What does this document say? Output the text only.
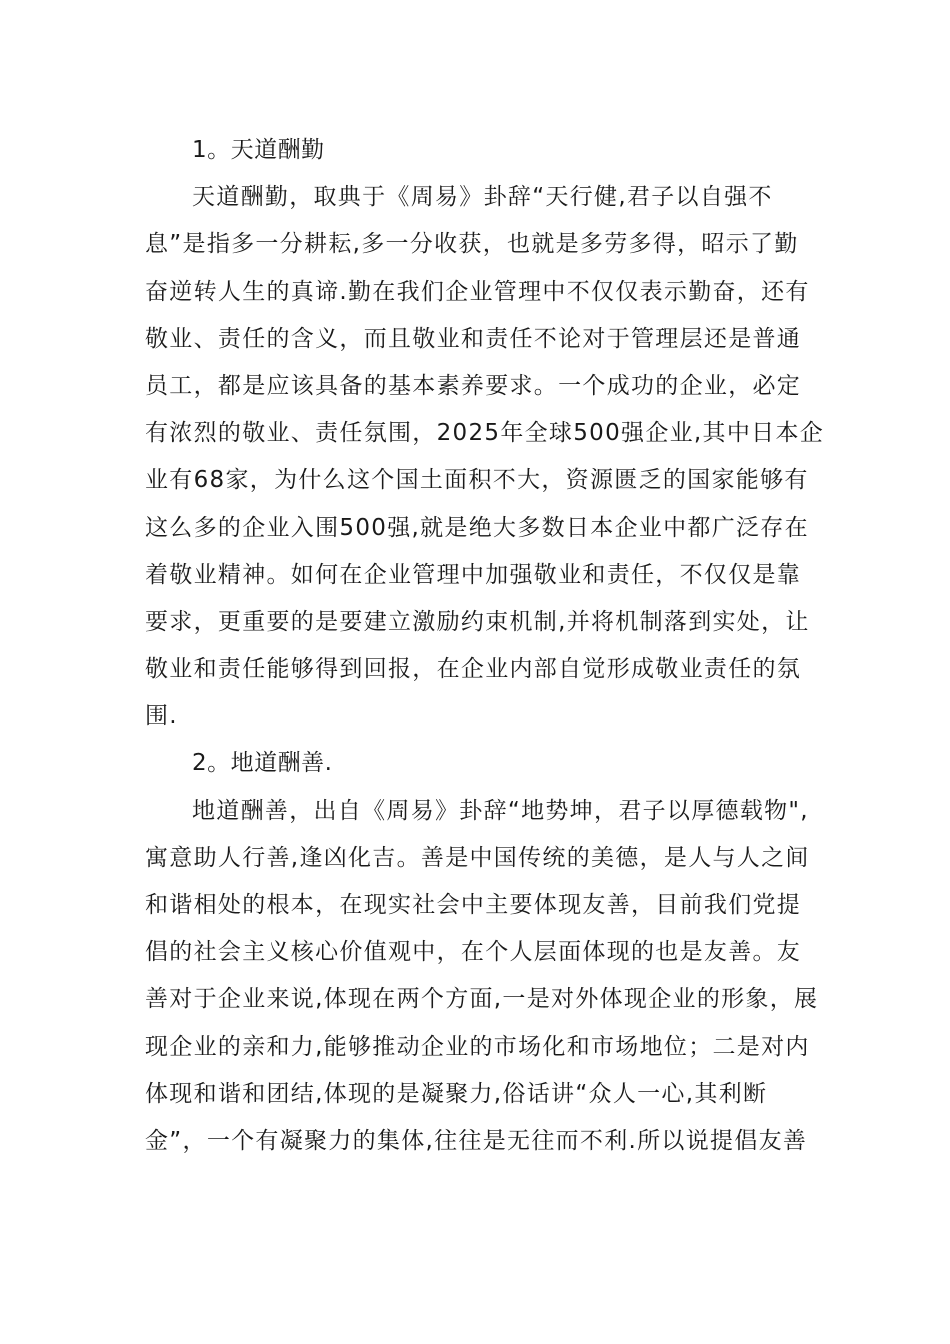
1。天道酬勤
天道酬勤，取典于《周易》卦辞“天行健,君子以自强不
息”是指多一分耕耘,多一分收获，也就是多劳多得，昭示了勤
奋逆转人生的真谛.勤在我们企业管理中不仅仅表示勤奋，还有
敬业、责任的含义，而且敬业和责任不论对于管理层还是普通
员工，都是应该具备的基本素养要求。一个成功的企业，必定
有浓烈的敬业、责任氛围，2025年全球500强企业,其中日本企
业有68家，为什么这个国土面积不大，资源匮乏的国家能够有
这么多的企业入围500强,就是绝大多数日本企业中都广泛存在
着敬业精神。如何在企业管理中加强敬业和责任，不仅仅是靠
要求，更重要的是要建立激励约束机制,并将机制落到实处，让
敬业和责任能够得到回报，在企业内部自觉形成敬业责任的氛
围.
2。地道酬善.
地道酬善，出自《周易》卦辞“地势坤，君子以厚德载物",
寓意助人行善,逢凶化吉。善是中国传统的美德，是人与人之间
和谐相处的根本，在现实社会中主要体现友善，目前我们党提
倡的社会主义核心价值观中，在个人层面体现的也是友善。友
善对于企业来说,体现在两个方面,一是对外体现企业的形象，展
现企业的亲和力,能够推动企业的市场化和市场地位；二是对内
体现和谐和团结,体现的是凝聚力,俗话讲“众人一心,其利断
金”，一个有凝聚力的集体,往往是无往而不利.所以说提倡友善
